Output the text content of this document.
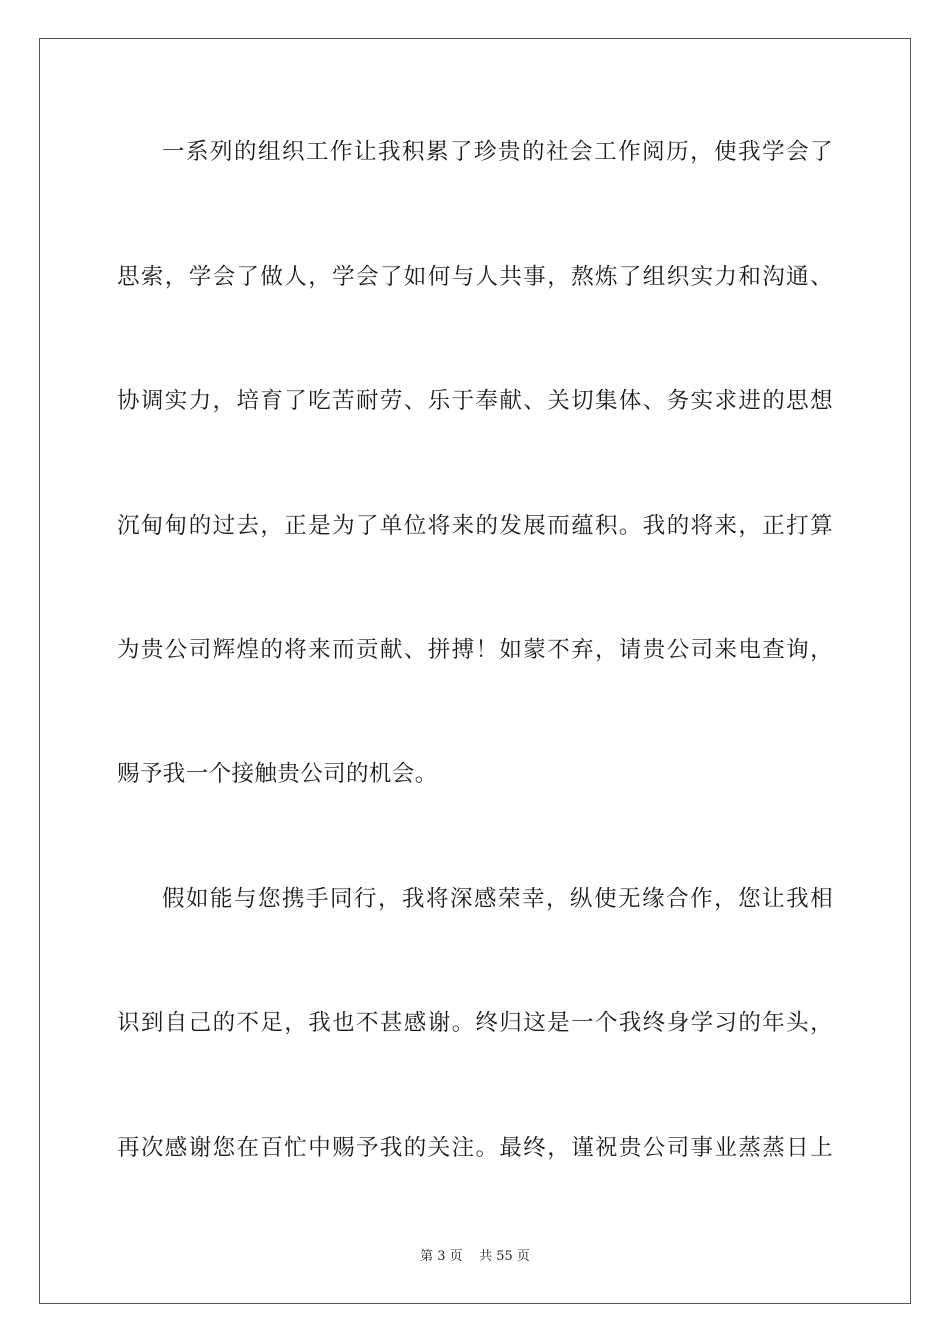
一系列的组织工作让我积累了珍贵的社会工作阅历，使我学会了
思索，学会了做人，学会了如何与人共事，熬炼了组织实力和沟通、
协调实力，培育了吃苦耐劳、乐于奉献、关切集体、务实求进的思想
沉甸甸的过去，正是为了单位将来的发展而蕴积。我的将来，正打算
为贵公司辉煌的将来而贡献、拼搏！如蒙不弃，请贵公司来电查询，
赐予我一个接触贵公司的机会。
假如能与您携手同行，我将深感荣幸，纵使无缘合作，您让我相
识到自己的不足，我也不甚感谢。终归这是一个我终身学习的年头，
再次感谢您在百忙中赐予我的关注。最终，谨祝贵公司事业蒸蒸日上
第 3 页    共 55 页
